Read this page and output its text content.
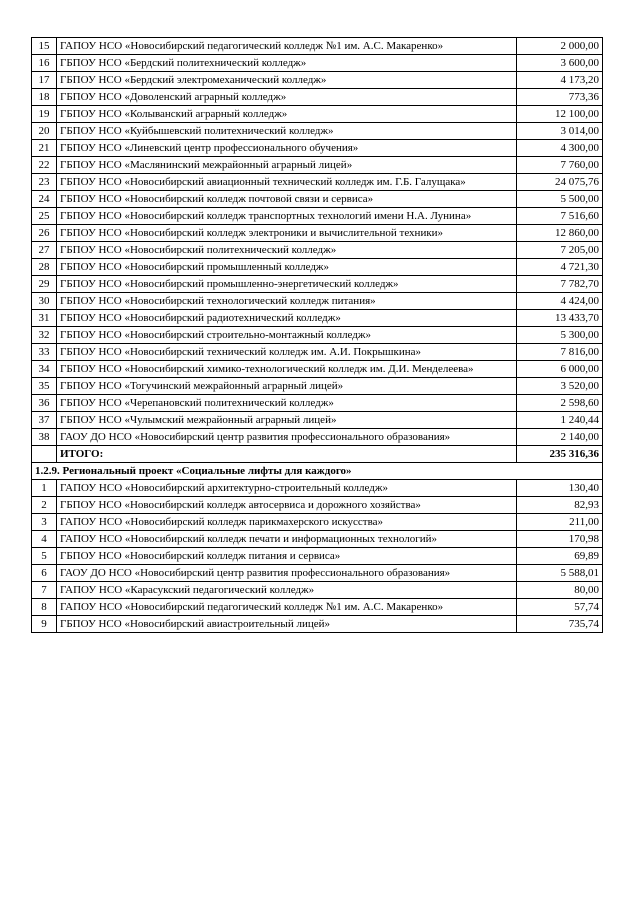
15	ГАПОУ НСО «Новосибирский педагогический колледж №1 им. А.С. Макаренко»	2 000,00
16	ГБПОУ НСО «Бердский политехнический колледж»	3 600,00
17	ГБПОУ НСО «Бердский электромеханический колледж»	4 173,20
18	ГБПОУ НСО «Доволенский аграрный колледж»	773,36
19	ГБПОУ НСО «Колыванский аграрный колледж»	12 100,00
20	ГБПОУ НСО «Куйбышевский политехнический колледж»	3 014,00
21	ГБПОУ НСО «Линевский центр профессионального обучения»	4 300,00
22	ГБПОУ НСО «Маслянинский межрайонный аграрный лицей»	7 760,00
23	ГБПОУ НСО «Новосибирский авиационный технический колледж им. Г.Б. Галущака»	24 075,76
24	ГБПОУ НСО «Новосибирский колледж почтовой связи и сервиса»	5 500,00
25	ГБПОУ НСО «Новосибирский колледж транспортных технологий имени Н.А. Лунина»	7 516,60
26	ГБПОУ НСО «Новосибирский колледж электроники и вычислительной техники»	12 860,00
27	ГБПОУ НСО «Новосибирский политехнический колледж»	7 205,00
28	ГБПОУ НСО «Новосибирский промышленный колледж»	4 721,30
29	ГБПОУ НСО «Новосибирский промышленно-энергетический колледж»	7 782,70
30	ГБПОУ НСО «Новосибирский технологический колледж питания»	4 424,00
31	ГБПОУ НСО «Новосибирский радиотехнический колледж»	13 433,70
32	ГБПОУ НСО «Новосибирский строительно-монтажный колледж»	5 300,00
33	ГБПОУ НСО «Новосибирский технический колледж им. А.И. Покрышкина»	7 816,00
34	ГБПОУ НСО «Новосибирский химико-технологический колледж им. Д.И. Менделеева»	6 000,00
35	ГБПОУ НСО «Тогучинский межрайонный аграрный лицей»	3 520,00
36	ГБПОУ НСО «Черепановский политехнический колледж»	2 598,60
37	ГБПОУ НСО «Чулымский межрайонный аграрный лицей»	1 240,44
38	ГАОУ ДО НСО «Новосибирский центр развития профессионального образования»	2 140,00
	ИТОГО:	235 316,36
1.2.9. Региональный проект «Социальные лифты для каждого»		
1	ГАПОУ НСО «Новосибирский архитектурно-строительный колледж»	130,40
2	ГБПОУ НСО «Новосибирский колледж автосервиса и дорожного хозяйства»	82,93
3	ГАПОУ НСО «Новосибирский колледж парикмахерского искусства»	211,00
4	ГАПОУ НСО «Новосибирский колледж печати и информационных технологий»	170,98
5	ГБПОУ НСО «Новосибирский колледж питания и сервиса»	69,89
6	ГАОУ ДО НСО «Новосибирский центр развития профессионального образования»	5 588,01
7	ГАПОУ НСО «Карасукский педагогический колледж»	80,00
8	ГАПОУ НСО «Новосибирский педагогический колледж №1 им. А.С. Макаренко»	57,74
9	ГБПОУ НСО «Новосибирский авиастроительный лицей»	735,74
